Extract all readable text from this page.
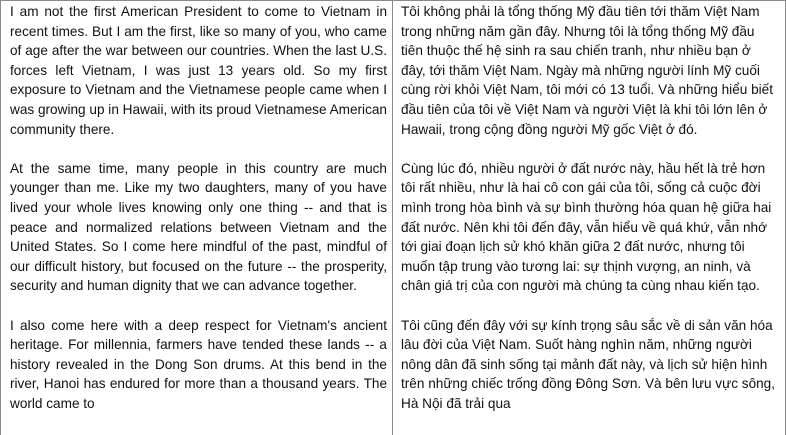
I am not the first American President to come to Vietnam in recent times. But I am the first, like so many of you, who came of age after the war between our countries. When the last U.S. forces left Vietnam, I was just 13 years old. So my first exposure to Vietnam and the Vietnamese people came when I was growing up in Hawaii, with its proud Vietnamese American community there.

At the same time, many people in this country are much younger than me. Like my two daughters, many of you have lived your whole lives knowing only one thing -- and that is peace and normalized relations between Vietnam and the United States. So I come here mindful of the past, mindful of our difficult history, but focused on the future -- the prosperity, security and human dignity that we can advance together.

I also come here with a deep respect for Vietnam's ancient heritage. For millennia, farmers have tended these lands -- a history revealed in the Dong Son drums. At this bend in the river, Hanoi has endured for more than a thousand years. The world came to

Tôi không phải là tổng thống Mỹ đầu tiên tới thăm Việt Nam trong những năm gần đây. Nhưng tôi là tổng thống Mỹ đầu tiên thuộc thế hệ sinh ra sau chiến tranh, như nhiều bạn ở đây, tới thăm Việt Nam. Ngày mà những người lính Mỹ cuối cùng rời khỏi Việt Nam, tôi mới có 13 tuổi. Và những hiểu biết đầu tiên của tôi về Việt Nam và người Việt là khi tôi lớn lên ở Hawaii, trong cộng đồng người Mỹ gốc Việt ở đó.

Cùng lúc đó, nhiều người ở đất nước này, hầu hết là trẻ hơn tôi rất nhiều, như là hai cô con gái của tôi, sống cả cuộc đời mình trong hòa bình và sự bình thường hóa quan hệ giữa hai đất nước. Nên khi tôi đến đây, vẫn hiểu về quá khứ, vẫn nhớ tới giai đoạn lịch sử khó khăn giữa 2 đất nước, nhưng tôi muốn tập trung vào tương lai: sự thịnh vượng, an ninh, và chân giá trị của con người mà chúng ta cùng nhau kiến tạo.

Tôi cũng đến đây với sự kính trọng sâu sắc về di sản văn hóa lâu đời của Việt Nam. Suốt hàng nghìn năm, những người nông dân đã sinh sống tại mảnh đất này, và lịch sử hiện hình trên những chiếc trống đồng Đông Sơn. Và bên lưu vực sông, Hà Nội đã trải qua
